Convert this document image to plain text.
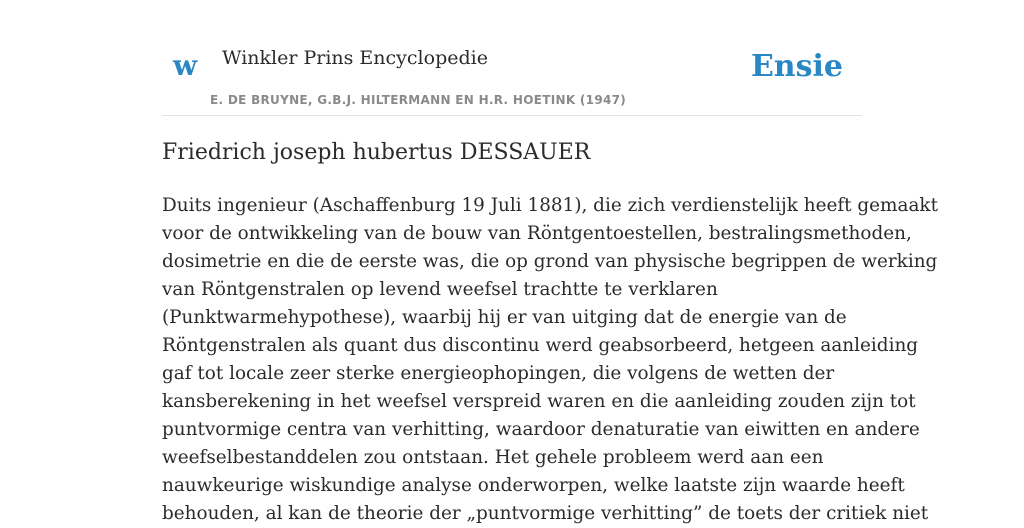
w Winkler Prins Encyclopedie
E. DE BRUYNE, G.B.J. HILTERMANN EN H.R. HOETINK (1947)
Ensie
Friedrich joseph hubertus DESSAUER

Duits ingenieur (Aschaffenburg 19 Juli 1881), die zich verdienstelijk heeft gemaakt
voor de ontwikkeling van de bouw van Röntgentoestellen, bestralingsmethoden,
dosimetrie en die de eerste was, die op grond van physische begrippen de werking
van Röntgenstralen op levend weefsel trachtte te verklaren
(Punktwarmehypothese), waarbij hij er van uitging dat de energie van de
Röntgenstralen als quant dus discontinu werd geabsorbeerd, hetgeen aanleiding
gaf tot locale zeer sterke energieophopingen, die volgens de wetten der
kansberekening in het weefsel verspreid waren en die aanleiding zouden zijn tot
puntvormige centra van verhitting, waardoor denaturatie van eiwitten en andere
weefselbestanddelen zou ontstaan. Het gehele probleem werd aan een
nauwkeurige wiskundige analyse onderworpen, welke laatste zijn waarde heeft
behouden, al kan de theorie der „puntvormige verhitting” de toets der critiek niet
